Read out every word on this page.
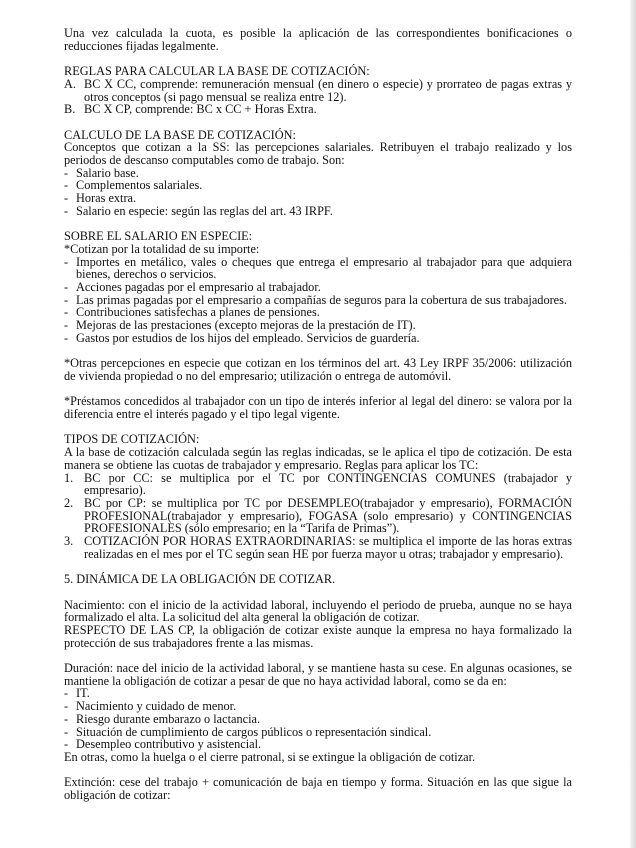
Una vez calculada la cuota, es posible la aplicación de las correspondientes bonificaciones o reducciones fijadas legalmente.

REGLAS PARA CALCULAR LA BASE DE COTIZACIÓN:

A. BC X CC, comprende: remuneración mensual (en dinero o especie) y prorrateo de pagas extras y otros conceptos (si pago mensual se realiza entre 12).
B. BC X CP, comprende: BC x CC + Horas Extra.

CALCULO DE LA BASE DE COTIZACIÓN:

Conceptos que cotizan a la SS: las percepciones salariales. Retribuyen el trabajo realizado y los periodos de descanso computables como de trabajo. Son:

- Salario base.
- Complementos salariales.
- Horas extra.
- Salario en especie: según las reglas del art. 43 IRPF.

SOBRE EL SALARIO EN ESPECIE:

*Cotizan por la totalidad de su importe:

- Importes en metálico, vales o cheques que entrega el empresario al trabajador para que adquiera bienes, derechos o servicios.
- Acciones pagadas por el empresario al trabajador.
- Las primas pagadas por el empresario a compañías de seguros para la cobertura de sus trabajadores.
- Contribuciones satisfechas a planes de pensiones.
- Mejoras de las prestaciones (excepto mejoras de la prestación de IT).
- Gastos por estudios de los hijos del empleado. Servicios de guardería.

*Otras percepciones en especie que cotizan en los términos del art. 43 Ley IRPF 35/2006: utilización de vivienda propiedad o no del empresario; utilización o entrega de automóvil.

*Préstamos concedidos al trabajador con un tipo de interés inferior al legal del dinero: se valora por la diferencia entre el interés pagado y el tipo legal vigente.

TIPOS DE COTIZACIÓN:

A la base de cotización calculada según las reglas indicadas, se le aplica el tipo de cotización. De esta manera se obtiene las cuotas de trabajador y empresario. Reglas para aplicar los TC:

1. BC por CC: se multiplica por el TC por CONTINGENCIAS COMUNES (trabajador y empresario).
2. BC por CP: se multiplica por TC por DESEMPLEO(trabajador y empresario), FORMACIÓN PROFESIONAL(trabajador y empresario), FOGASA (solo empresario) y CONTINGENCIAS PROFESIONALES (sólo empresario; en la “Tarifa de Primas”).
3. COTIZACIÓN POR HORAS EXTRAORDINARIAS: se multiplica el importe de las horas extras realizadas en el mes por el TC según sean HE por fuerza mayor u otras; trabajador y empresario).

5. DINÁMICA DE LA OBLIGACIÓN DE COTIZAR.

Nacimiento: con el inicio de la actividad laboral, incluyendo el periodo de prueba, aunque no se haya formalizado el alta. La solicitud del alta general la obligación de cotizar.

RESPECTO DE LAS CP, la obligación de cotizar existe aunque la empresa no haya formalizado la protección de sus trabajadores frente a las mismas.

Duración: nace del inicio de la actividad laboral, y se mantiene hasta su cese. En algunas ocasiones, se mantiene la obligación de cotizar a pesar de que no haya actividad laboral, como se da en:

- IT.
- Nacimiento y cuidado de menor.
- Riesgo durante embarazo o lactancia.
- Situación de cumplimiento de cargos públicos o representación sindical.
- Desempleo contributivo y asistencial.

En otras, como la huelga o el cierre patronal, si se extingue la obligación de cotizar.

Extinción: cese del trabajo + comunicación de baja en tiempo y forma. Situación en las que sigue la obligación de cotizar:
